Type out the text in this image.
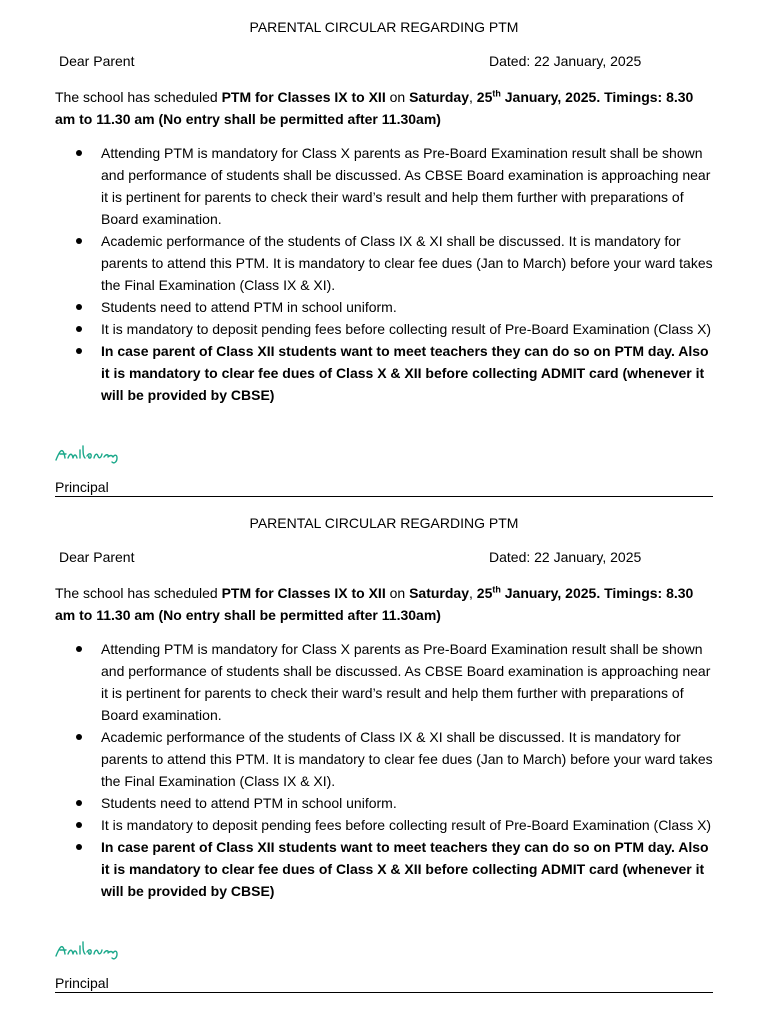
PARENTAL CIRCULAR REGARDING PTM
Dear Parent	Dated: 22 January, 2025
The school has scheduled PTM for Classes IX to XII on Saturday, 25th January, 2025. Timings: 8.30 am to 11.30 am (No entry shall be permitted after 11.30am)
Attending PTM is mandatory for Class X parents as Pre-Board Examination result shall be shown and performance of students shall be discussed. As CBSE Board examination is approaching near it is pertinent for parents to check their ward’s result and help them further with preparations of Board examination.
Academic performance of the students of Class IX & XI shall be discussed. It is mandatory for parents to attend this PTM. It is mandatory to clear fee dues (Jan to March) before your ward takes the Final Examination (Class IX & XI).
Students need to attend PTM in school uniform.
It is mandatory to deposit pending fees before collecting result of Pre-Board Examination (Class X)
In case parent of Class XII students want to meet teachers they can do so on PTM day. Also it is mandatory to clear fee dues of Class X & XII before collecting ADMIT card (whenever it will be provided by CBSE)
Principal
PARENTAL CIRCULAR REGARDING PTM
Dear Parent	Dated: 22 January, 2025
The school has scheduled PTM for Classes IX to XII on Saturday, 25th January, 2025. Timings: 8.30 am to 11.30 am (No entry shall be permitted after 11.30am)
Attending PTM is mandatory for Class X parents as Pre-Board Examination result shall be shown and performance of students shall be discussed. As CBSE Board examination is approaching near it is pertinent for parents to check their ward’s result and help them further with preparations of Board examination.
Academic performance of the students of Class IX & XI shall be discussed. It is mandatory for parents to attend this PTM. It is mandatory to clear fee dues (Jan to March) before your ward takes the Final Examination (Class IX & XI).
Students need to attend PTM in school uniform.
It is mandatory to deposit pending fees before collecting result of Pre-Board Examination (Class X)
In case parent of Class XII students want to meet teachers they can do so on PTM day. Also it is mandatory to clear fee dues of Class X & XII before collecting ADMIT card (whenever it will be provided by CBSE)
Principal
